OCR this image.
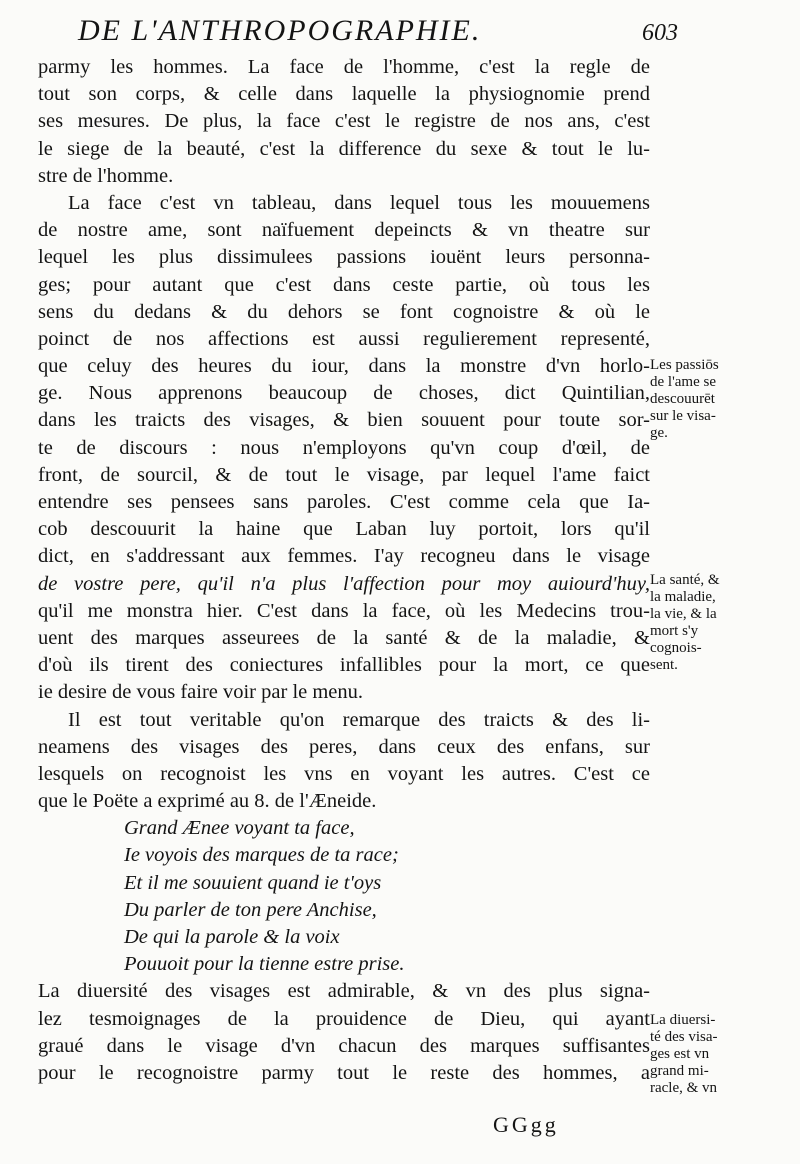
DE L'ANTHROPOGRAPHIE.	603
parmy les hommes. La face de l'homme, c'est la regle de
tout son corps, & celle dans laquelle la physiognomie prend
ses mesures. De plus, la face c'est le registre de nos ans, c'est
le siege de la beauté, c'est la difference du sexe & tout le lu-
stre de l'homme.
La face c'est vn tableau, dans lequel tous les mouuemens
de nostre ame, sont naïfuement depeincts & vn theatre sur
lequel les plus dissimulees passions iouënt leurs personna-
ges; pour autant que c'est dans ceste partie, où tous les
sens du dedans & du dehors se font cognoistre & où le
poinct de nos affections est aussi regulierement representé,
que celuy des heures du iour, dans la monstre d'vn horlo-
ge. Nous apprenons beaucoup de choses, dict Quintilian,
dans les traicts des visages, & bien souuent pour toute sor-
te de discours : nous n'employons qu'vn coup d'œil, de
front, de sourcil, & de tout le visage, par lequel l'ame faict
entendre ses pensees sans paroles. C'est comme cela que Ia-
cob descouurit la haine que Laban luy portoit, lors qu'il
dict, en s'addressant aux femmes. I'ay recogneu dans le visage
de vostre pere, qu'il n'a plus l'affection pour moy auiourd'huy,
qu'il me monstra hier. C'est dans la face, où les Medecins trou-
uent des marques asseurees de la santé & de la maladie, &
d'où ils tirent des coniectures infallibles pour la mort, ce que
ie desire de vous faire voir par le menu.
Il est tout veritable qu'on remarque des traicts & des li-
neamens des visages des peres, dans ceux des enfans, sur
lesquels on recognoist les vns en voyant les autres. C'est ce
que le Poëte a exprimé au 8. de l'Æneide.
Grand Ænee voyant ta face,
Ie voyois des marques de ta race;
Et il me souuient quand ie t'oys
Du parler de ton pere Anchise,
De qui la parole & la voix
Pouuoit pour la tienne estre prise.
La diuersité des visages est admirable, & vn des plus signa-
lez tesmoignages de la prouidence de Dieu, qui ayant
graué dans le visage d'vn chacun des marques suffisantes
pour le recognoistre parmy tout le reste des hommes, a
Les passiōs
de l'ame se
descouurēt
sur le visa-
ge.
La santé, &
la maladie,
la vie, & la
mort s'y
cognois-
sent.
La diuersi-
té des visa-
ges est vn
grand mi-
racle, & vn
GGgg
